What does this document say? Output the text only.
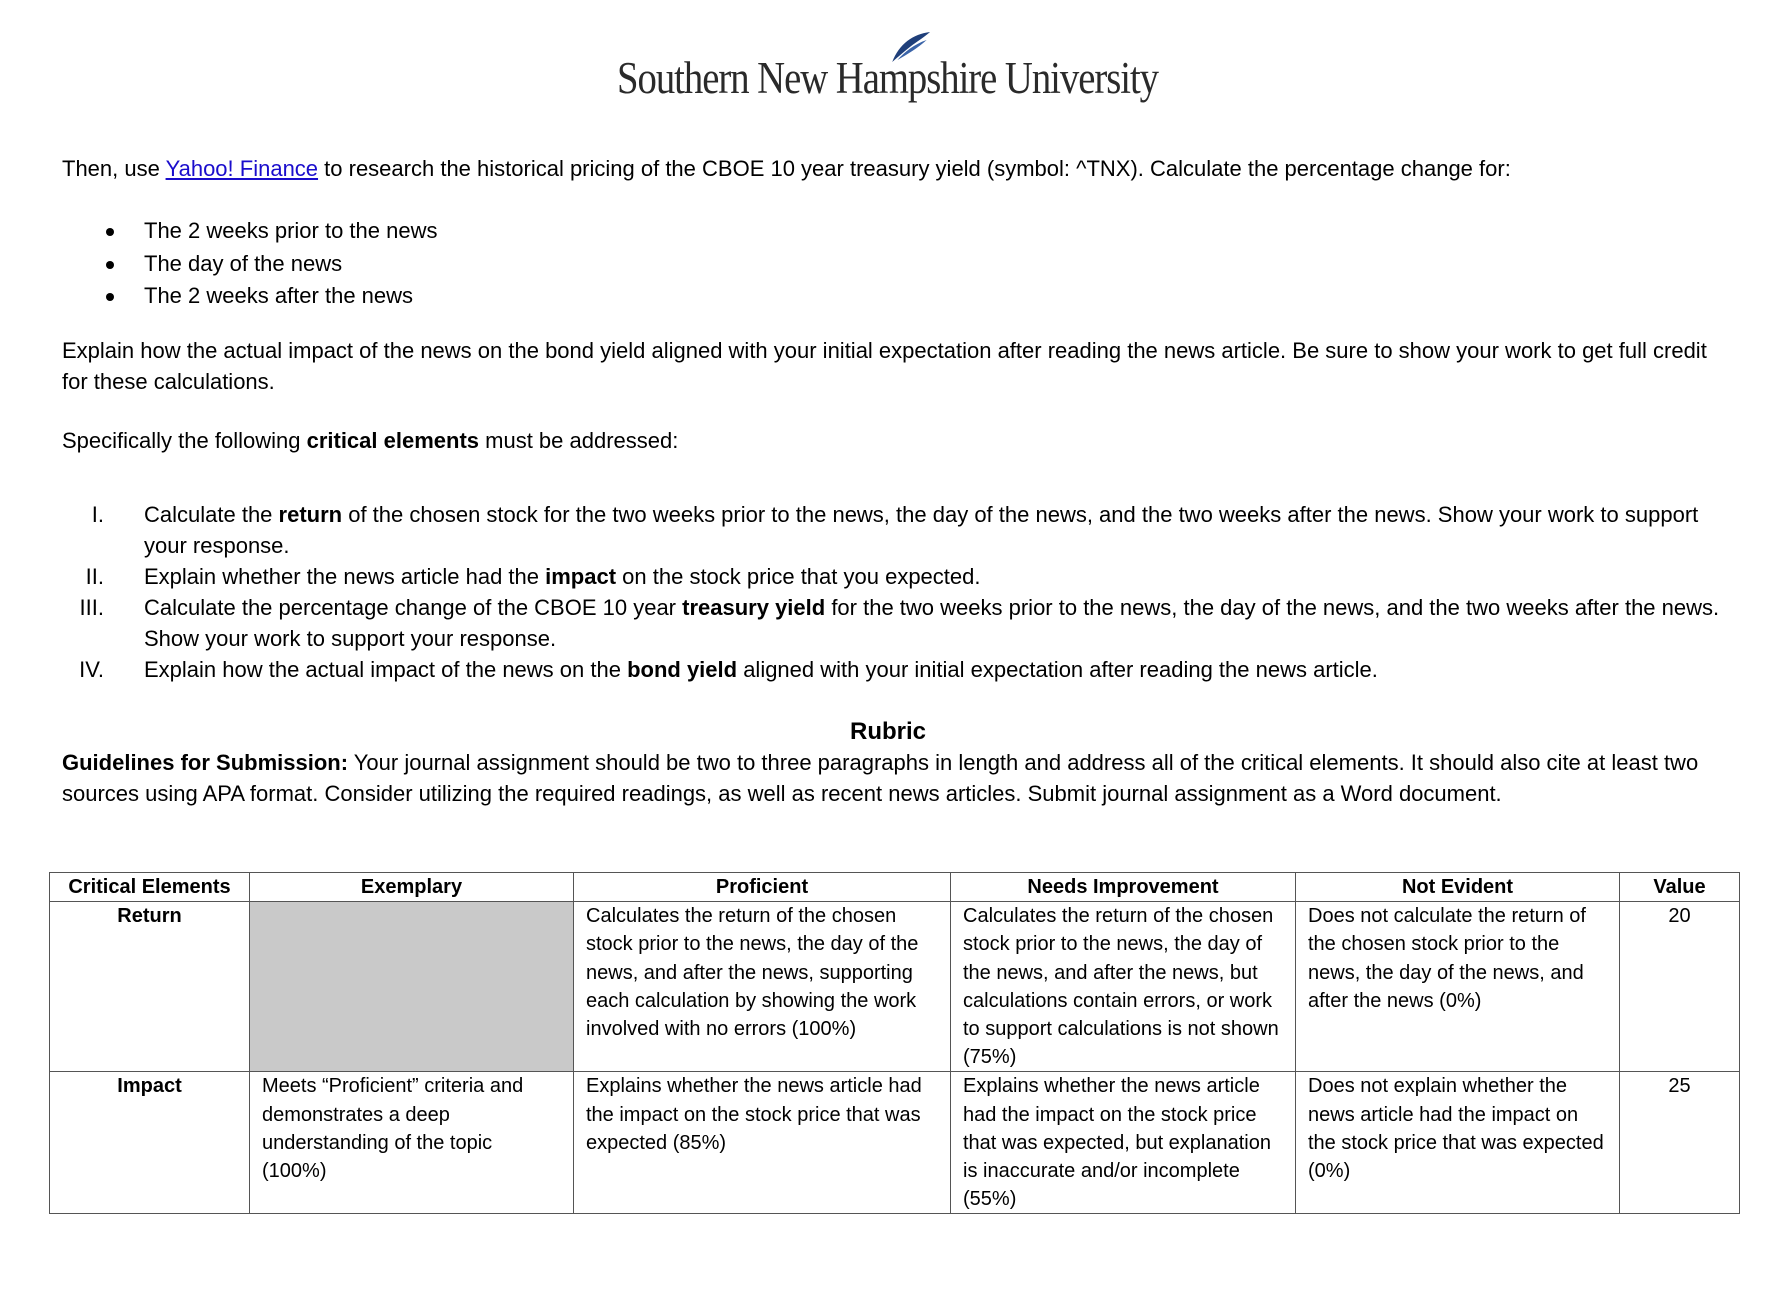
Southern New Hampshire University
Then, use Yahoo! Finance to research the historical pricing of the CBOE 10 year treasury yield (symbol: ^TNX). Calculate the percentage change for:
The 2 weeks prior to the news
The day of the news
The 2 weeks after the news
Explain how the actual impact of the news on the bond yield aligned with your initial expectation after reading the news article. Be sure to show your work to get full credit for these calculations.
Specifically the following critical elements must be addressed:
I. Calculate the return of the chosen stock for the two weeks prior to the news, the day of the news, and the two weeks after the news. Show your work to support your response.
II. Explain whether the news article had the impact on the stock price that you expected.
III. Calculate the percentage change of the CBOE 10 year treasury yield for the two weeks prior to the news, the day of the news, and the two weeks after the news. Show your work to support your response.
IV. Explain how the actual impact of the news on the bond yield aligned with your initial expectation after reading the news article.
Rubric
Guidelines for Submission: Your journal assignment should be two to three paragraphs in length and address all of the critical elements. It should also cite at least two sources using APA format. Consider utilizing the required readings, as well as recent news articles. Submit journal assignment as a Word document.
Critical Elements	Exemplary	Proficient	Needs Improvement	Not Evident	Value
Return		Calculates the return of the chosen stock prior to the news, the day of the news, and after the news, supporting each calculation by showing the work involved with no errors (100%)	Calculates the return of the chosen stock prior to the news, the day of the news, and after the news, but calculations contain errors, or work to support calculations is not shown (75%)	Does not calculate the return of the chosen stock prior to the news, the day of the news, and after the news (0%)	20
Impact	Meets “Proficient” criteria and demonstrates a deep understanding of the topic (100%)	Explains whether the news article had the impact on the stock price that was expected (85%)	Explains whether the news article had the impact on the stock price that was expected, but explanation is inaccurate and/or incomplete (55%)	Does not explain whether the news article had the impact on the stock price that was expected (0%)	25
